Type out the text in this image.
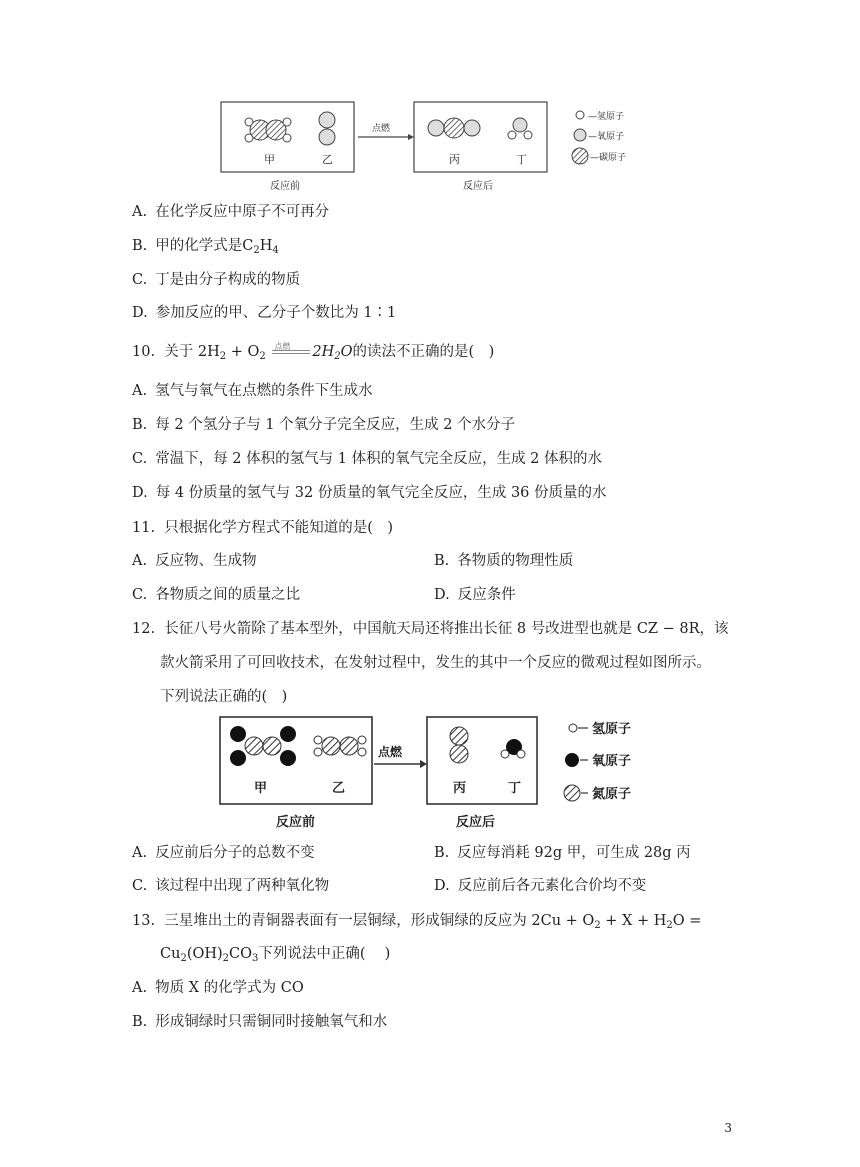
甲	乙
点燃
丙	丁
反应前	反应后
—氢原子
—氧原子
—碳原子
A. 在化学反应中原子不可再分
B. 甲的化学式是$C_2H_4$
C. 丁是由分子构成的物质
D. 参加反应的甲、乙分子个数比为 1∶1
10. 关于 $2H_2 + O_2$
点燃 $2H_2O$的读法不正确的是(　)
A. 氢气与氧气在点燃的条件下生成水
B. 每 2 个氢分子与 1 个氧分子完全反应，生成 2 个水分子
C. 常温下，每 2 体积的氢气与 1 体积的氧气完全反应，生成 2 体积的水
D. 每 4 份质量的氢气与 32 份质量的氧气完全反应，生成 36 份质量的水
11. 只根据化学方程式不能知道的是(　)
A. 反应物、生成物	B. 各物质的物理性质
C. 各物质之间的质量之比	D. 反应条件
12. 长征八号火箭除了基本型外，中国航天局还将推出长征 8 号改进型也就是 CZ − 8R，该
款火箭采用了可回收技术，在发射过程中，发生的其中一个反应的微观过程如图所示。
下列说法正确的(　)
甲	乙
点燃
丙	丁
反应前	反应后
氢原子
氧原子
氮原子
A. 反应前后分子的总数不变	B. 反应每消耗 92g 甲，可生成 28g 丙
C. 该过程中出现了两种氧化物	D. 反应前后各元素化合价均不变
13. 三星堆出土的青铜器表面有一层铜绿，形成铜绿的反应为 $2Cu + O_2 + X + H_2O$ =
$Cu_2(OH)_2CO_3$下列说法中正确(　 )
A. 物质 X 的化学式为 CO
B. 形成铜绿时只需铜同时接触氧气和水
3
